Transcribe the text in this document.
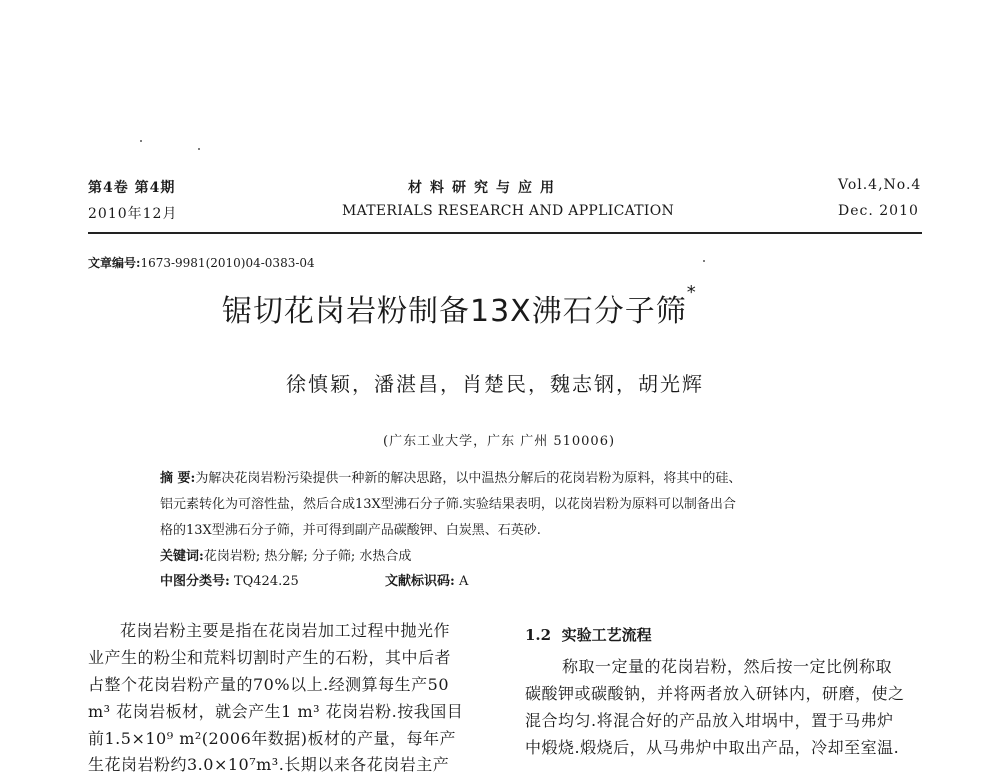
第4卷 第4期
2010年12月
材料研究与应用
MATERIALS RESEARCH AND APPLICATION
Vol.4,No.4
Dec. 2010
文章编号:1673-9981(2010)04-0383-04
锯切花岗岩粉制备13X沸石分子筛*
徐慎颖，潘湛昌，肖楚民，魏志钢，胡光辉
(广东工业大学，广东 广州 510006)
摘 要:为解决花岗岩粉污染提供一种新的解决思路，以中温热分解后的花岗岩粉为原料，将其中的硅、
铝元素转化为可溶性盐，然后合成13X型沸石分子筛.实验结果表明，以花岗岩粉为原料可以制备出合
格的13X型沸石分子筛，并可得到副产品碳酸钾、白炭黑、石英砂.
关键词:花岗岩粉; 热分解; 分子筛; 水热合成
中图分类号: TQ424.25	文献标识码: A
花岗岩粉主要是指在花岗岩加工过程中抛光作
业产生的粉尘和荒料切割时产生的石粉，其中后者
占整个花岗岩粉产量的70%以上.经测算每生产50
m³ 花岗岩板材，就会产生1 m³ 花岗岩粉.按我国目
前1.5×10⁹ m²(2006年数据)板材的产量，每年产
生花岗岩粉约3.0×10⁷m³.长期以来各花岗岩主产
1.2 实验工艺流程
称取一定量的花岗岩粉，然后按一定比例称取
碳酸钾或碳酸钠，并将两者放入研钵内，研磨，使之
混合均匀.将混合好的产品放入坩埚中，置于马弗炉
中煅烧.煅烧后，从马弗炉中取出产品，冷却至室温.
